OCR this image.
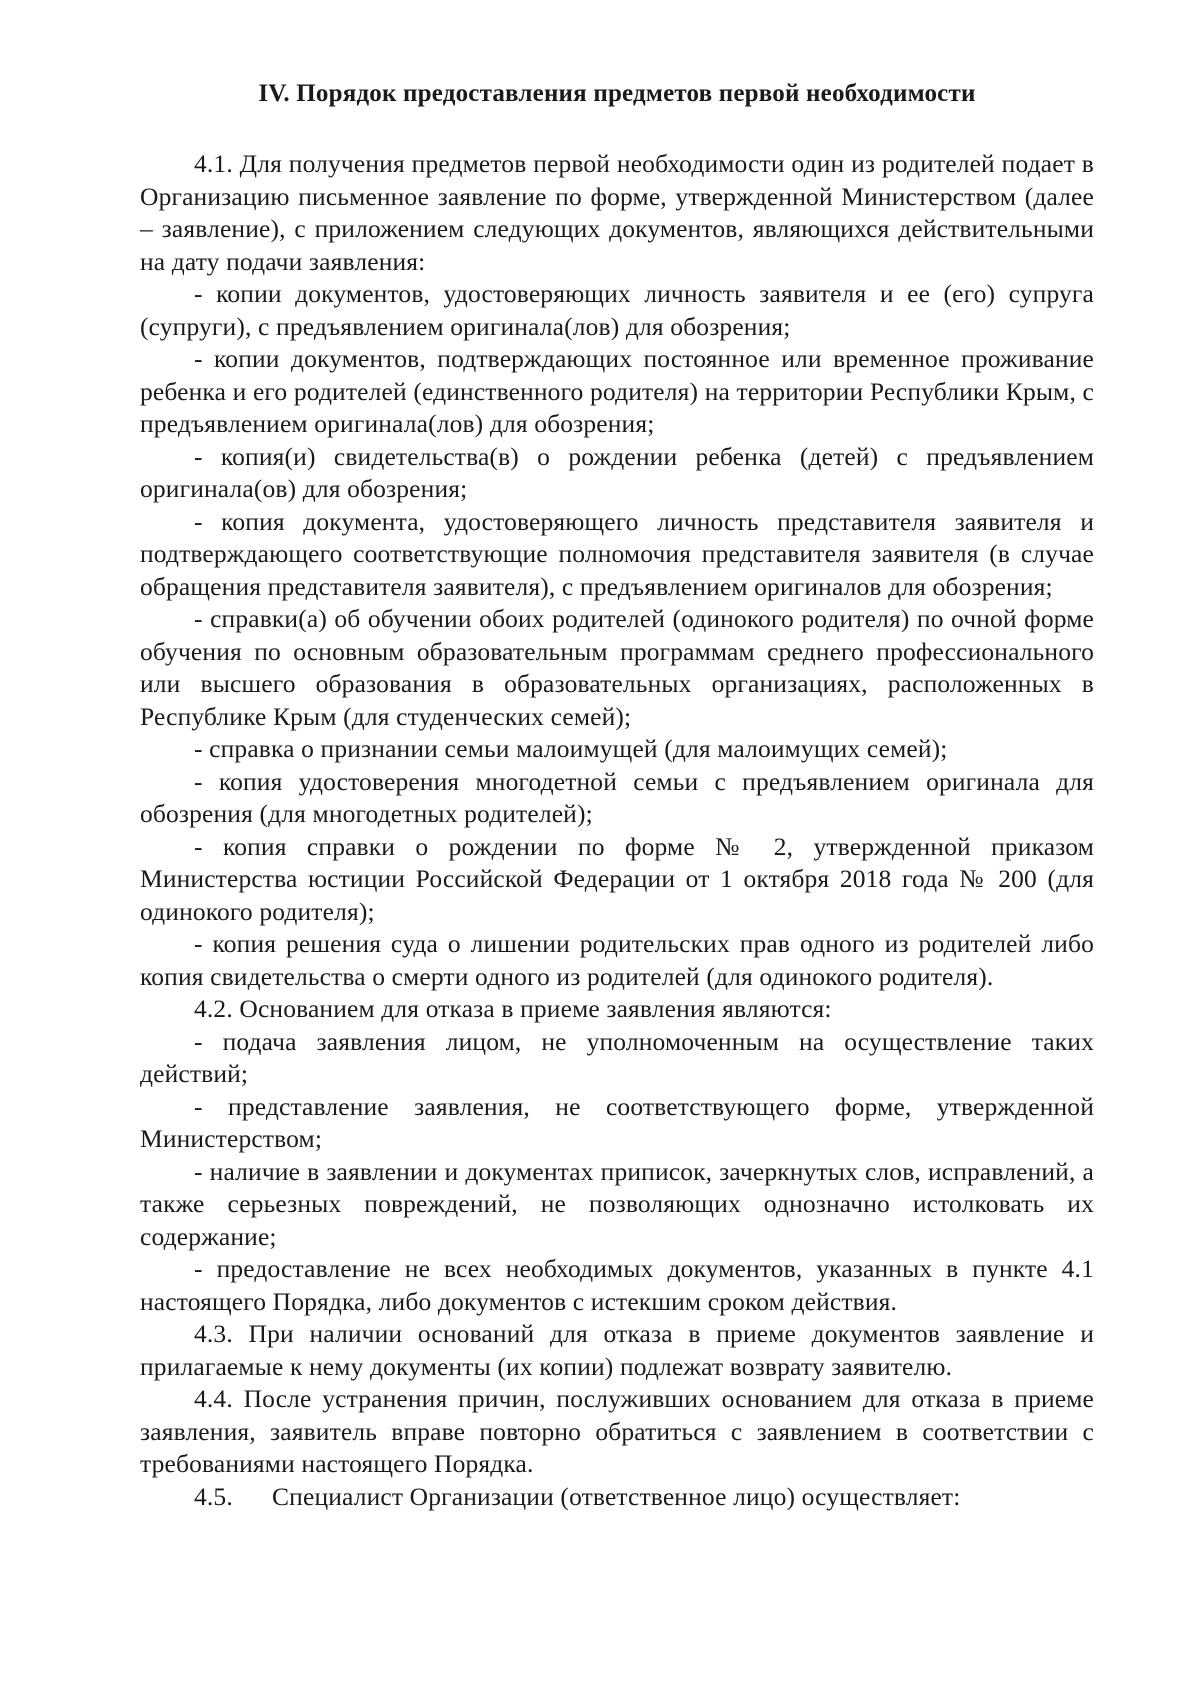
IV. Порядок предоставления предметов первой необходимости

4.1. Для получения предметов первой необходимости один из родителей подает в Организацию письменное заявление по форме, утвержденной Министерством (далее – заявление), с приложением следующих документов, являющихся действительными на дату подачи заявления:

- копии документов, удостоверяющих личность заявителя и ее (его) супруга (супруги), с предъявлением оригинала(лов) для обозрения;

- копии документов, подтверждающих постоянное или временное проживание ребенка и его родителей (единственного родителя) на территории Республики Крым, с предъявлением оригинала(лов) для обозрения;

- копия(и) свидетельства(в) о рождении ребенка (детей) с предъявлением оригинала(ов) для обозрения;

- копия документа, удостоверяющего личность представителя заявителя и подтверждающего соответствующие полномочия представителя заявителя (в случае обращения представителя заявителя), с предъявлением оригиналов для обозрения;

- справки(а) об обучении обоих родителей (одинокого родителя) по очной форме обучения по основным образовательным программам среднего профессионального или высшего образования в образовательных организациях, расположенных в Республике Крым (для студенческих семей);

- справка о признании семьи малоимущей (для малоимущих семей);

- копия удостоверения многодетной семьи с предъявлением оригинала для обозрения (для многодетных родителей);

- копия справки о рождении по форме № 2, утвержденной приказом Министерства юстиции Российской Федерации от 1 октября 2018 года № 200 (для одинокого родителя);

- копия решения суда о лишении родительских прав одного из родителей либо копия свидетельства о смерти одного из родителей (для одинокого родителя).

4.2. Основанием для отказа в приеме заявления являются:

- подача заявления лицом, не уполномоченным на осуществление таких действий;

- представление заявления, не соответствующего форме, утвержденной Министерством;

- наличие в заявлении и документах приписок, зачеркнутых слов, исправлений, а также серьезных повреждений, не позволяющих однозначно истолковать их содержание;

- предоставление не всех необходимых документов, указанных в пункте 4.1 настоящего Порядка, либо документов с истекшим сроком действия.

4.3. При наличии оснований для отказа в приеме документов заявление и прилагаемые к нему документы (их копии) подлежат возврату заявителю.

4.4. После устранения причин, послуживших основанием для отказа в приеме заявления, заявитель вправе повторно обратиться с заявлением в соответствии с требованиями настоящего Порядка.

4.5. Специалист Организации (ответственное лицо) осуществляет:
